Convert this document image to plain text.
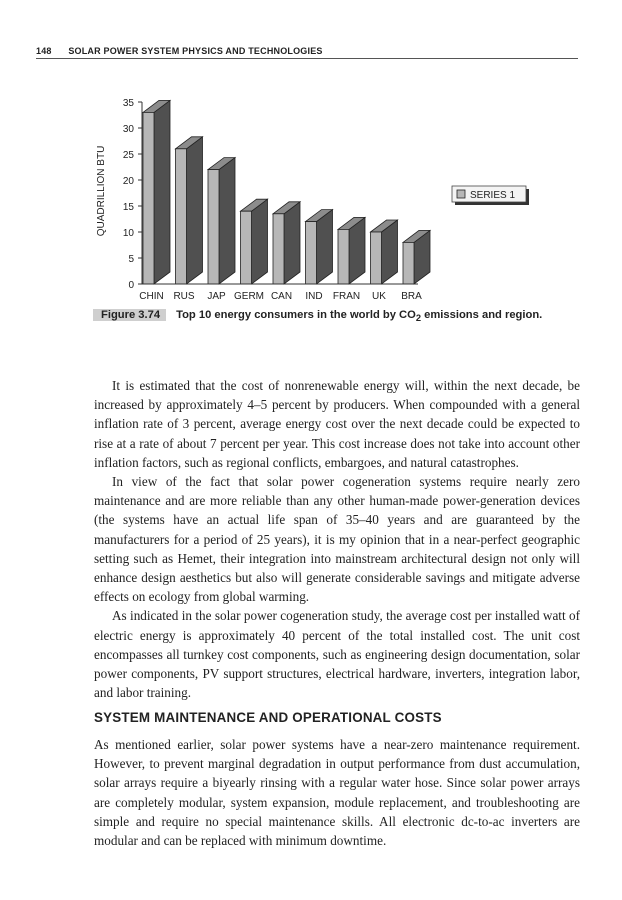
148 SOLAR POWER SYSTEM PHYSICS AND TECHNOLOGIES
0
5
10
15
20
25
30
35
QUADRILLION BTU
CHIN RUS JAP GERM CAN IND FRAN UK BRA
SERIES 1
Figure 3.74 Top 10 energy consumers in the world by $CO_2$ emissions and region.

It is estimated that the cost of nonrenewable energy will, within the next decade, be increased by approximately 4–5 percent by producers. When compounded with a general inflation rate of 3 percent, average energy cost over the next decade could be expected to rise at a rate of about 7 percent per year. This cost increase does not take into account other inflation factors, such as regional conflicts, embargoes, and natural catastrophes.

In view of the fact that solar power cogeneration systems require nearly zero maintenance and are more reliable than any other human-made power-generation devices (the systems have an actual life span of 35–40 years and are guaranteed by the manufacturers for a period of 25 years), it is my opinion that in a near-perfect geographic setting such as Hemet, their integration into mainstream architectural design not only will enhance design aesthetics but also will generate considerable savings and mitigate adverse effects on ecology from global warming.

As indicated in the solar power cogeneration study, the average cost per installed watt of electric energy is approximately 40 percent of the total installed cost. The unit cost encompasses all turnkey cost components, such as engineering design documentation, solar power components, PV support structures, electrical hardware, inverters, integration labor, and labor training.

SYSTEM MAINTENANCE AND OPERATIONAL COSTS

As mentioned earlier, solar power systems have a near-zero maintenance requirement. However, to prevent marginal degradation in output performance from dust accumulation, solar arrays require a biyearly rinsing with a regular water hose. Since solar power arrays are completely modular, system expansion, module replacement, and troubleshooting are simple and require no special maintenance skills. All electronic dc-to-ac inverters are modular and can be replaced with minimum downtime.
